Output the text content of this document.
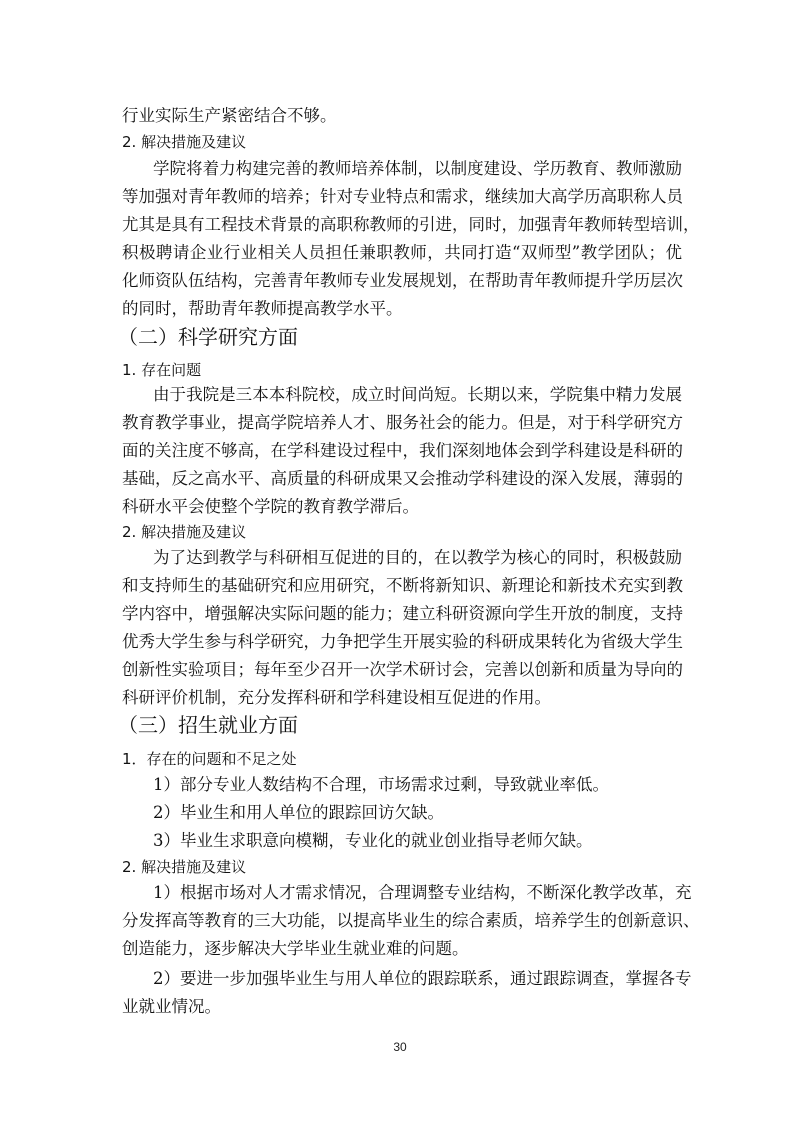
行业实际生产紧密结合不够。
2. 解决措施及建议
学院将着力构建完善的教师培养体制，以制度建设、学历教育、教师激励
等加强对青年教师的培养；针对专业特点和需求，继续加大高学历高职称人员
尤其是具有工程技术背景的高职称教师的引进，同时，加强青年教师转型培训，
积极聘请企业行业相关人员担任兼职教师，共同打造“双师型”教学团队；优
化师资队伍结构，完善青年教师专业发展规划，在帮助青年教师提升学历层次
的同时，帮助青年教师提高教学水平。
（二）科学研究方面
1. 存在问题
由于我院是三本本科院校，成立时间尚短。长期以来，学院集中精力发展
教育教学事业，提高学院培养人才、服务社会的能力。但是，对于科学研究方
面的关注度不够高，在学科建设过程中，我们深刻地体会到学科建设是科研的
基础，反之高水平、高质量的科研成果又会推动学科建设的深入发展，薄弱的
科研水平会使整个学院的教育教学滞后。
2. 解决措施及建议
为了达到教学与科研相互促进的目的，在以教学为核心的同时，积极鼓励
和支持师生的基础研究和应用研究，不断将新知识、新理论和新技术充实到教
学内容中，增强解决实际问题的能力；建立科研资源向学生开放的制度，支持
优秀大学生参与科学研究，力争把学生开展实验的科研成果转化为省级大学生
创新性实验项目；每年至少召开一次学术研讨会，完善以创新和质量为导向的
科研评价机制，充分发挥科研和学科建设相互促进的作用。
（三）招生就业方面
1．存在的问题和不足之处
1）部分专业人数结构不合理，市场需求过剩，导致就业率低。
2）毕业生和用人单位的跟踪回访欠缺。
3）毕业生求职意向模糊，专业化的就业创业指导老师欠缺。
2. 解决措施及建议
1）根据市场对人才需求情况，合理调整专业结构，不断深化教学改革，充
分发挥高等教育的三大功能，以提高毕业生的综合素质，培养学生的创新意识、
创造能力，逐步解决大学毕业生就业难的问题。
2）要进一步加强毕业生与用人单位的跟踪联系，通过跟踪调查，掌握各专
业就业情况。
30
